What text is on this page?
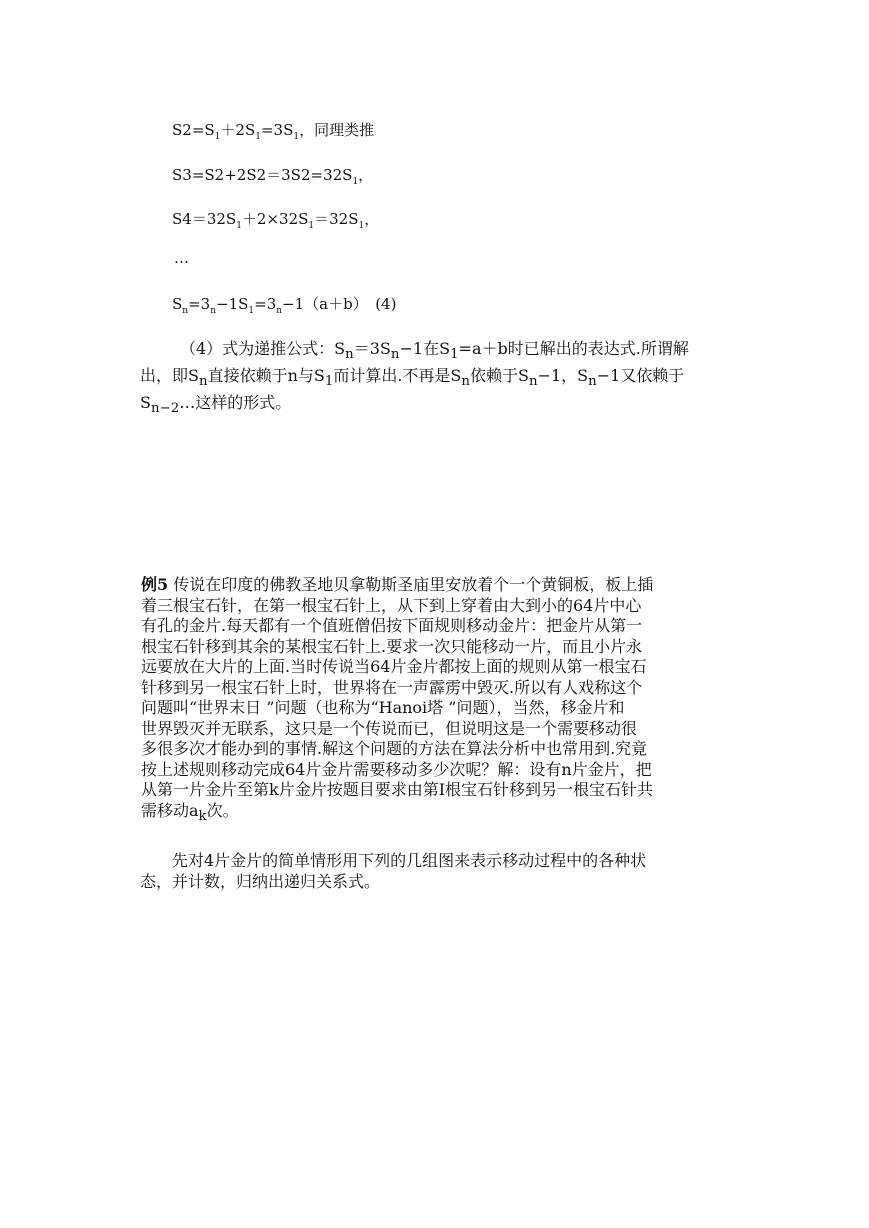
$S2=S_1+2S_1=3S_1$，同理类推
$S3=S2+2S2=3S2=32S_1$，
$S4=32S_1+2\times 32S_1=32S_1$，
…
$S_n=3_n-1S_1=3_n-1(a+b)$　(4)
（4）式为递推公式：$S_n=3S_n-1$在$S_1=a+b$时已解出的表达式.所谓解
出，即$S_n$直接依赖于n与$S_1$而计算出.不再是$S_n$依赖于$S_n-1$，$S_n-1$又依赖于
$S_{n-2}\dots$这样的形式。
例5 传说在印度的佛教圣地贝拿勒斯圣庙里安放着个一个黄铜板，板上插
着三根宝石针，在第一根宝石针上，从下到上穿着由大到小的64片中心
有孔的金片.每天都有一个值班僧侣按下面规则移动金片：把金片从第一
根宝石针移到其余的某根宝石针上.要求一次只能移动一片，而且小片永
远要放在大片的上面.当时传说当64片金片都按上面的规则从第一根宝石
针移到另一根宝石针上时，世界将在一声霹雳中毁灭.所以有人戏称这个
问题叫“世界末日 ”问题（也称为“Hanoi塔 ”问题），当然，移金片和
世界毁灭并无联系，这只是一个传说而已，但说明这是一个需要移动很
多很多次才能办到的事情.解这个问题的方法在算法分析中也常用到.究竟
按上述规则移动完成64片金片需要移动多少次呢？解：设有n片金片，把
从第一片金片至第k片金片按题目要求由第I根宝石针移到另一根宝石针共
需移动$a_k$次。
　　先对4片金片的简单情形用下列的几组图来表示移动过程中的各种状
态，并计数，归纳出递归关系式。
